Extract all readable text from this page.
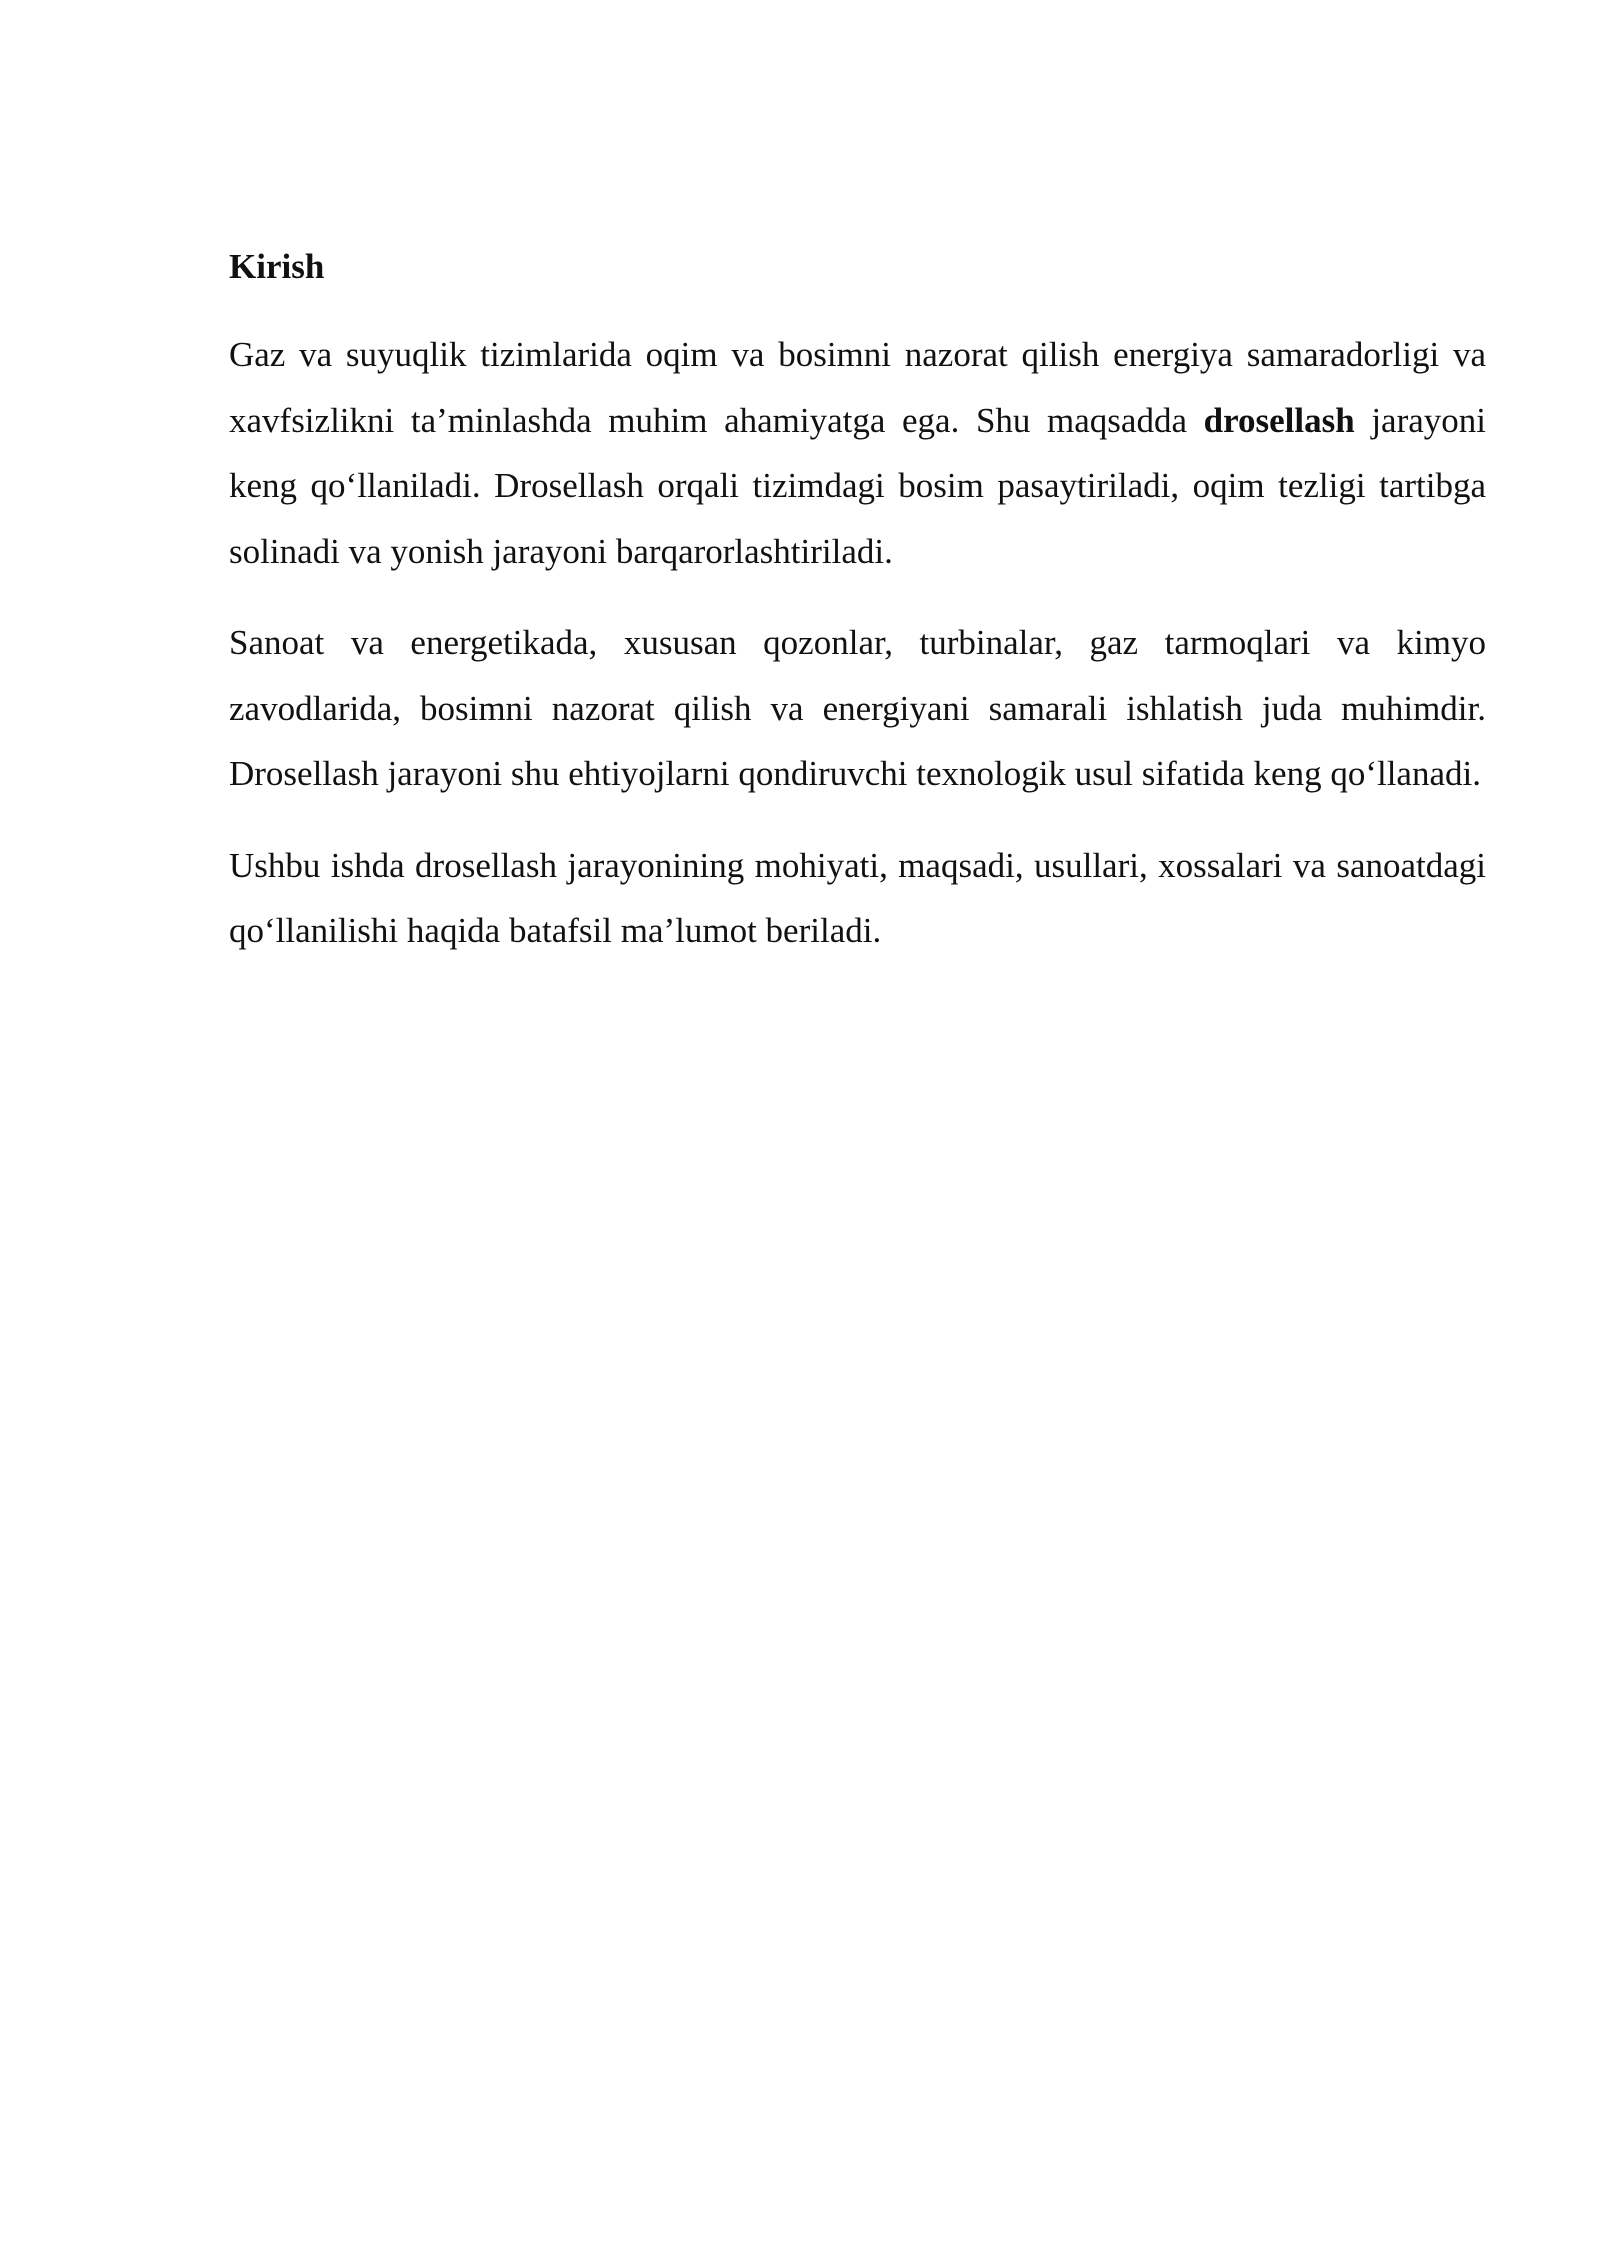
Kirish

Gaz va suyuqlik tizimlarida oqim va bosimni nazorat qilish energiya samaradorligi va xavfsizlikni ta’minlashda muhim ahamiyatga ega. Shu maqsadda drosellash jarayoni keng qo‘llaniladi. Drosellash orqali tizimdagi bosim pasaytiriladi, oqim tezligi tartibga solinadi va yonish jarayoni barqarorlashtiriladi.

Sanoat va energetikada, xususan qozonlar, turbinalar, gaz tarmoqlari va kimyo zavodlarida, bosimni nazorat qilish va energiyani samarali ishlatish juda muhimdir. Drosellash jarayoni shu ehtiyojlarni qondiruvchi texnologik usul sifatida keng qo‘llanadi.

Ushbu ishda drosellash jarayonining mohiyati, maqsadi, usullari, xossalari va sanoatdagi qo‘llanilishi haqida batafsil ma’lumot beriladi.
